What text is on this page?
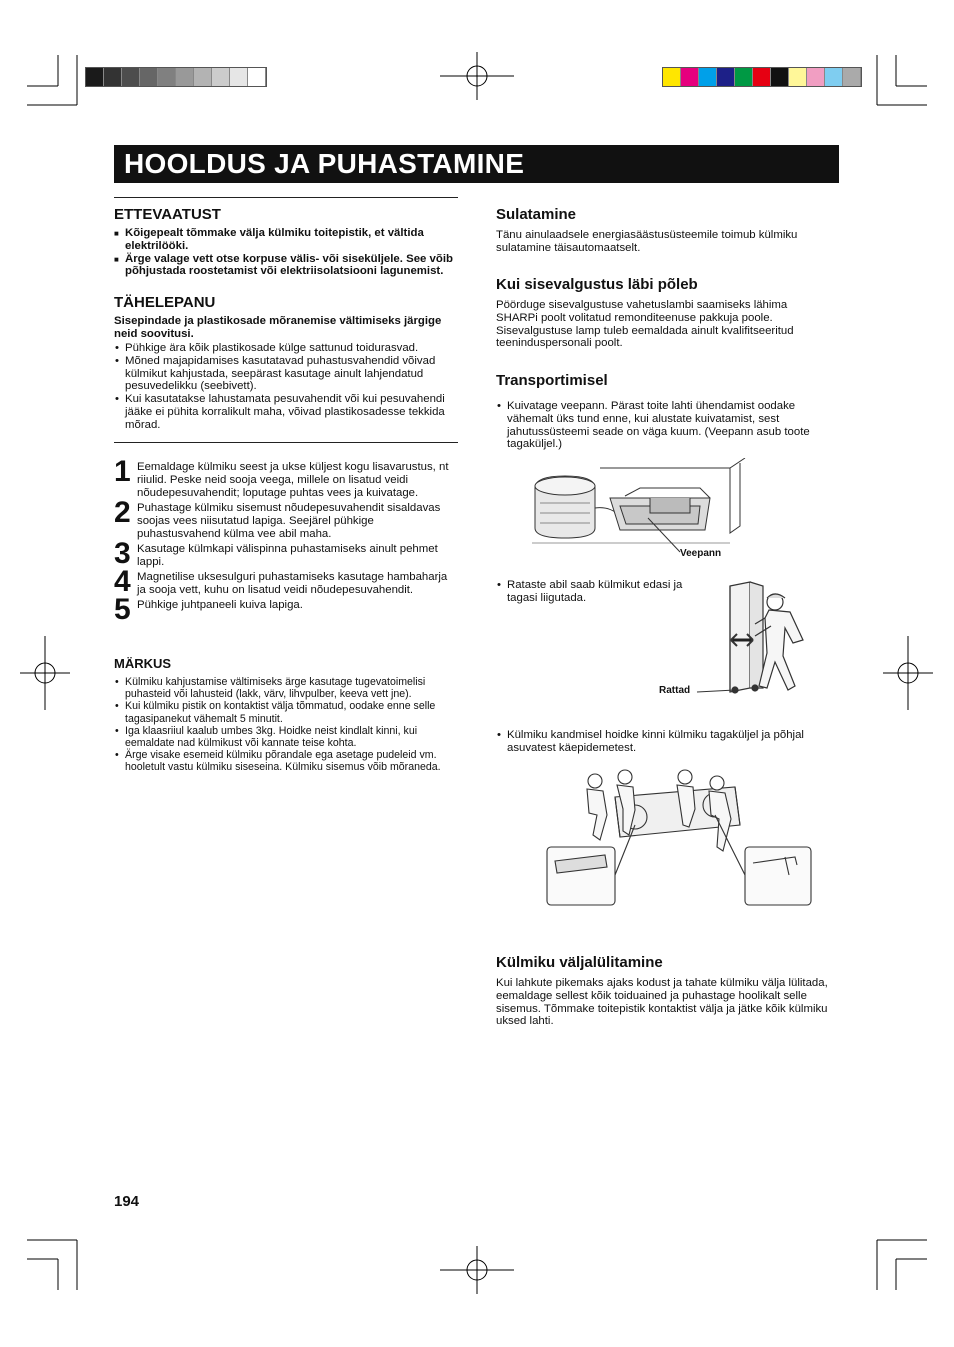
HOOLDUS JA PUHASTAMINE
ETTEVAATUST
■ Kõigepealt tõmmake välja külmiku toitepistik, et vältida elektrilööki.
■ Ärge valage vett otse korpuse välis- või siseküljele. See võib põhjustada roostetamist või elektriisolatsiooni lagunemist.
TÄHELEPANU

Sisepindade ja plastikosade mõranemise vältimiseks järgige neid soovitusi.

• Pühkige ära kõik plastikosade külge sattunud toidurasvad.
• Mõned majapidamises kasutatavad puhastusvahendid võivad külmikut kahjustada, seepärast kasutage ainult lahjendatud pesuvedelikku (seebivett).
• Kui kasutatakse lahustamata pesuvahendit või kui pesuvahendi jääke ei pühita korralikult maha, võivad plastikosadesse tekkida mõrad.
1 Eemaldage külmiku seest ja ukse küljest kogu lisavarustus, nt riiulid. Peske neid sooja veega, millele on lisatud veidi nõudepesuvahendit; loputage puhtas vees ja kuivatage.
2 Puhastage külmiku sisemust nõudepesuvahendit sisaldavas soojas vees niisutatud lapiga. Seejärel pühkige puhastusvahend külma vee abil maha.
3 Kasutage külmkapi välispinna puhastamiseks ainult pehmet lappi.
4 Magnetilise uksesulguri puhastamiseks kasutage hambaharja ja sooja vett, kuhu on lisatud veidi nõudepesuvahendit.
5 Pühkige juhtpaneeli kuiva lapiga.
MÄRKUS
• Külmiku kahjustamise vältimiseks ärge kasutage tugevatoimelisi puhasteid või lahusteid (lakk, värv, lihvpulber, keeva vett jne).
• Kui külmiku pistik on kontaktist välja tõmmatud, oodake enne selle tagasipanekut vähemalt 5 minutit.
• Iga klaasriiul kaalub umbes 3kg. Hoidke neist kindlalt kinni, kui eemaldate nad külmikust või kannate teise kohta.
• Ärge visake esemeid külmiku põrandale ega asetage pudeleid vm. hooletult vastu külmiku siseseina. Külmiku sisemus võib mõraneda.
Sulatamine

Tänu ainulaadsele energiasäästusüsteemile toimub külmiku sulatamine täisautomaatselt.

Kui sisevalgustus läbi põleb

Pöörduge sisevalgustuse vahetuslambi saamiseks lähima SHARPi poolt volitatud remonditeenuse pakkuja poole. Sisevalgustuse lamp tuleb eemaldada ainult kvalifitseeritud teeninduspersonali poolt.

Transportimisel
• Kuivatage veepann. Pärast toite lahti ühendamist oodake vähemalt üks tund enne, kui alustate kuivatamist, sest jahutussüsteemi seade on väga kuum. (Veepann asub toote tagaküljel.)
Veepann
• Rataste abil saab külmikut edasi ja tagasi liigutada.
Rattad
• Külmiku kandmisel hoidke kinni külmiku tagaküljel ja põhjal asuvatest käepidemetest.
Külmiku väljalülitamine

Kui lahkute pikemaks ajaks kodust ja tahate külmiku välja lülitada, eemaldage sellest kõik toiduained ja puhastage hoolikalt selle sisemus. Tõmmake toitepistik kontaktist välja ja jätke kõik külmiku uksed lahti.

194
